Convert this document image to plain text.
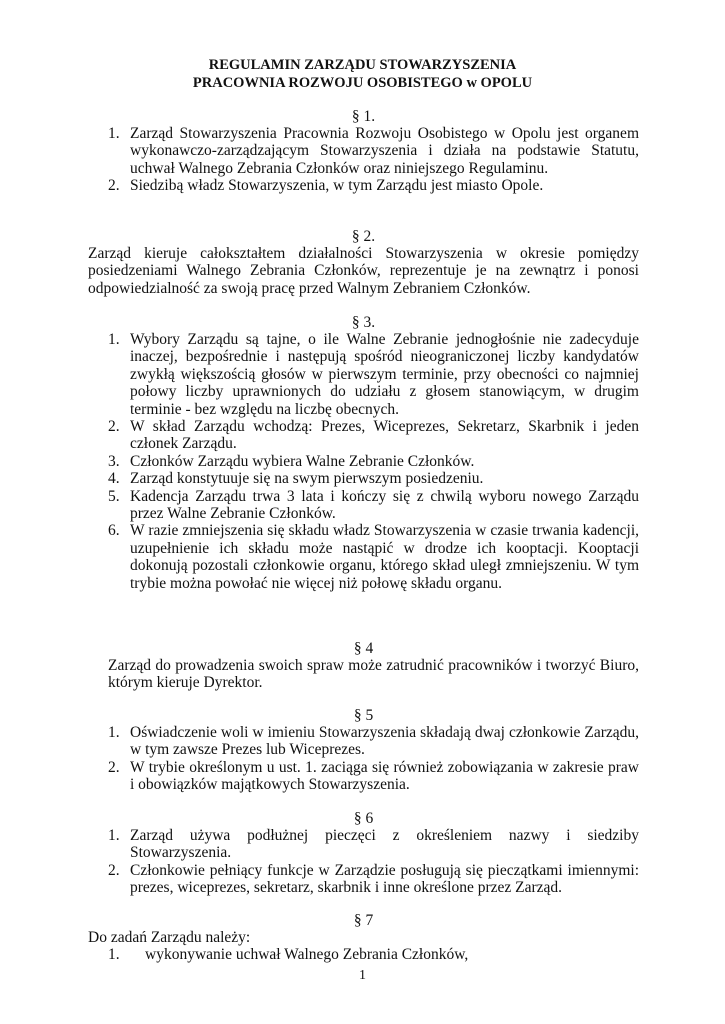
REGULAMIN ZARZĄDU STOWARZYSZENIA
PRACOWNIA ROZWOJU OSOBISTEGO w OPOLU
§ 1.
1. Zarząd Stowarzyszenia Pracownia Rozwoju Osobistego w Opolu jest organem wykonawczo-zarządzającym Stowarzyszenia i działa na podstawie Statutu, uchwał Walnego Zebrania Członków oraz niniejszego Regulaminu.
2. Siedzibą władz Stowarzyszenia, w tym Zarządu jest miasto Opole.
§ 2.
Zarząd kieruje całokształtem działalności Stowarzyszenia w okresie pomiędzy posiedzeniami Walnego Zebrania Członków, reprezentuje je na zewnątrz i ponosi odpowiedzialność za swoją pracę przed Walnym Zebraniem Członków.
§ 3.
1. Wybory Zarządu są tajne, o ile Walne Zebranie jednogłośnie nie zadecyduje inaczej, bezpośrednie i następują spośród nieograniczonej liczby kandydatów zwykłą większością głosów w pierwszym terminie, przy obecności co najmniej połowy liczby uprawnionych do udziału z głosem stanowiącym, w drugim terminie - bez względu na liczbę obecnych.
2. W skład Zarządu wchodzą: Prezes, Wiceprezes, Sekretarz, Skarbnik i jeden członek Zarządu.
3. Członków Zarządu wybiera Walne Zebranie Członków.
4. Zarząd konstytuuje się na swym pierwszym posiedzeniu.
5. Kadencja Zarządu trwa 3 lata i kończy się z chwilą wyboru nowego Zarządu przez Walne Zebranie Członków.
6. W razie zmniejszenia się składu władz Stowarzyszenia w czasie trwania kadencji, uzupełnienie ich składu może nastąpić w drodze ich kooptacji. Kooptacji dokonują pozostali członkowie organu, którego skład uległ zmniejszeniu. W tym trybie można powołać nie więcej niż połowę składu organu.
§ 4
Zarząd do prowadzenia swoich spraw może zatrudnić pracowników i tworzyć Biuro, którym kieruje Dyrektor.
§ 5
1. Oświadczenie woli w imieniu Stowarzyszenia składają dwaj członkowie Zarządu, w tym zawsze Prezes lub Wiceprezes.
2. W trybie określonym u ust. 1. zaciąga się również zobowiązania w zakresie praw i obowiązków majątkowych Stowarzyszenia.
§ 6
1. Zarząd używa podłużnej pieczęci z określeniem nazwy i siedziby Stowarzyszenia.
2. Członkowie pełniący funkcje w Zarządzie posługują się pieczątkami imiennymi: prezes, wiceprezes, sekretarz, skarbnik i inne określone przez Zarząd.
§ 7
Do zadań Zarządu należy:
1. wykonywanie uchwał Walnego Zebrania Członków,
1
